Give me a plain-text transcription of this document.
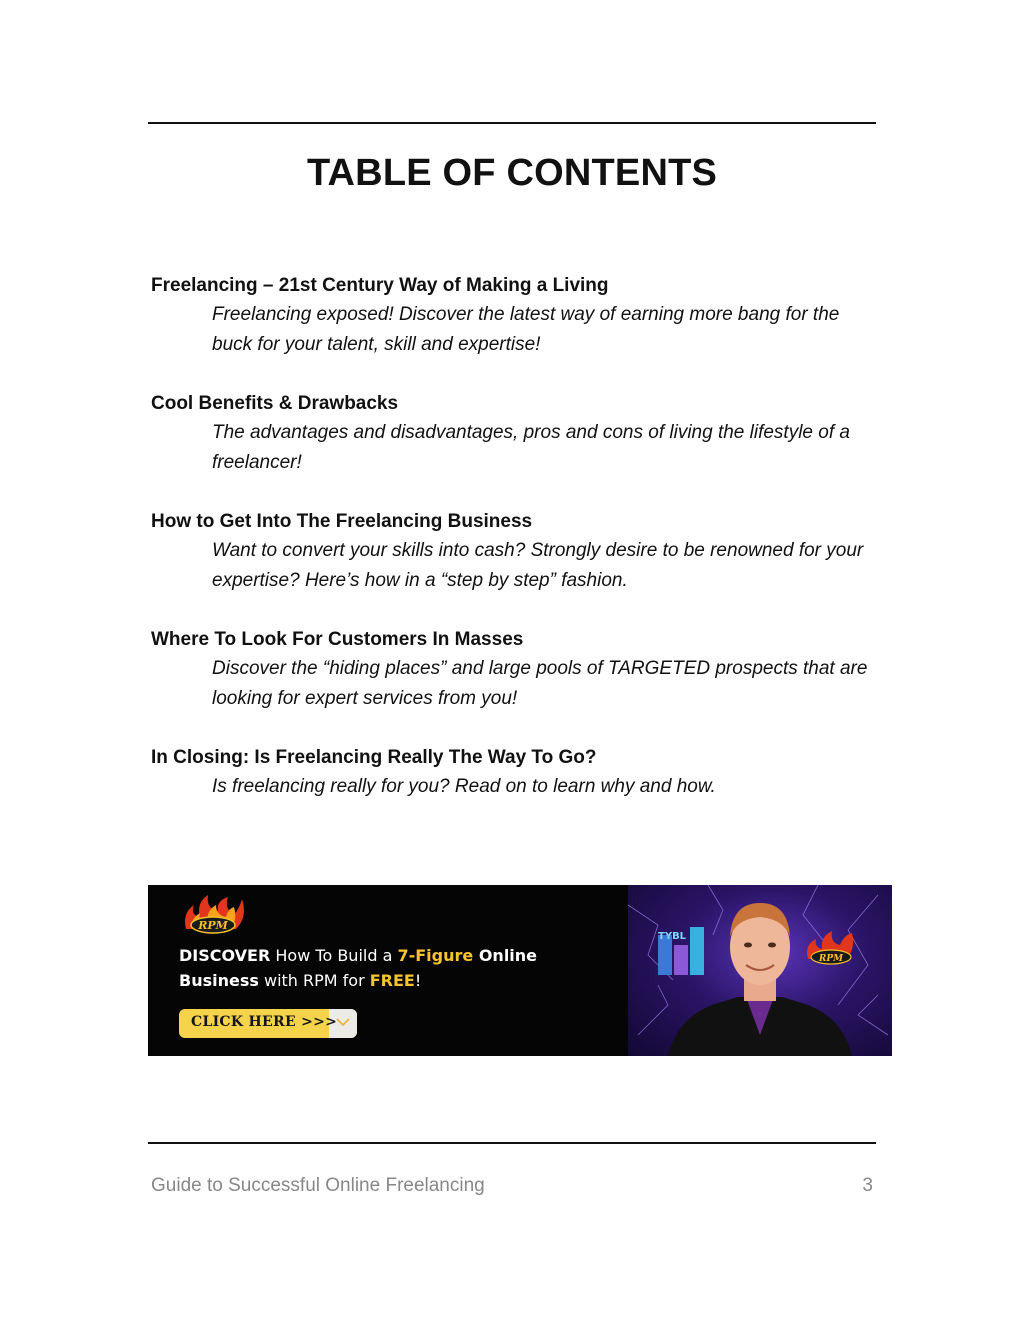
TABLE OF CONTENTS
Freelancing – 21st Century Way of Making a Living
Freelancing exposed! Discover the latest way of earning more bang for the buck for your talent, skill and expertise!
Cool Benefits & Drawbacks
The advantages and disadvantages, pros and cons of living the lifestyle of a freelancer!
How to Get Into The Freelancing Business
Want to convert your skills into cash? Strongly desire to be renowned for your expertise? Here’s how in a “step by step” fashion.
Where To Look For Customers In Masses
Discover the “hiding places” and large pools of TARGETED prospects that are looking for expert services from you!
In Closing: Is Freelancing Really The Way To Go?
Is freelancing really for you? Read on to learn why and how.
RPM
DISCOVER How To Build a 7-Figure Online
Business with RPM for FREE!
CLICK HERE >>>
TYBL
RPM
Guide to Successful Online Freelancing	3
